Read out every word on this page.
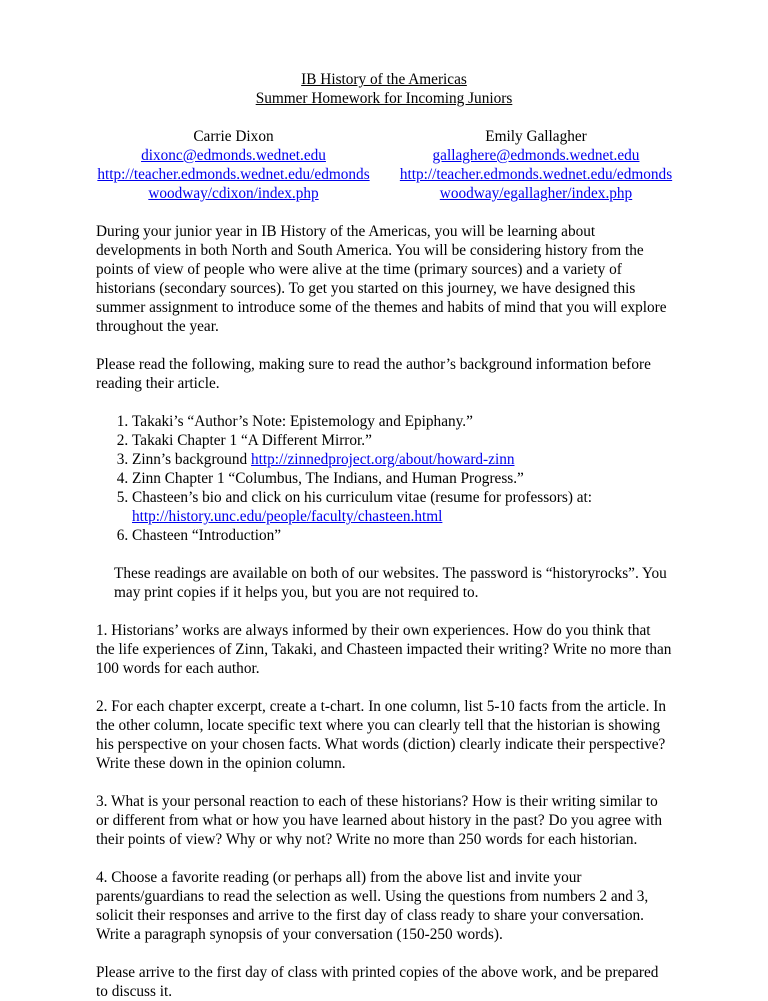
IB History of the Americas
Summer Homework for Incoming Juniors
Carrie Dixon
dixonc@edmonds.wednet.edu
http://teacher.edmonds.wednet.edu/edmonds
woodway/cdixon/index.php
Emily Gallagher
gallaghere@edmonds.wednet.edu
http://teacher.edmonds.wednet.edu/edmonds
woodway/egallagher/index.php

During your junior year in IB History of the Americas, you will be learning about developments in both North and South America. You will be considering history from the points of view of people who were alive at the time (primary sources) and a variety of historians (secondary sources). To get you started on this journey, we have designed this summer assignment to introduce some of the themes and habits of mind that you will explore throughout the year.

Please read the following, making sure to read the author’s background information before reading their article.

1. Takaki’s “Author’s Note: Epistemology and Epiphany.”
2. Takaki Chapter 1 “A Different Mirror.”
3. Zinn’s background http://zinnedproject.org/about/howard-zinn
4. Zinn Chapter 1 “Columbus, The Indians, and Human Progress.”
5. Chasteen’s bio and click on his curriculum vitae (resume for professors) at: http://history.unc.edu/people/faculty/chasteen.html
6. Chasteen “Introduction”

These readings are available on both of our websites. The password is “historyrocks”. You may print copies if it helps you, but you are not required to.

1. Historians’ works are always informed by their own experiences. How do you think that the life experiences of Zinn, Takaki, and Chasteen impacted their writing? Write no more than 100 words for each author.

2. For each chapter excerpt, create a t-chart. In one column, list 5-10 facts from the article. In the other column, locate specific text where you can clearly tell that the historian is showing his perspective on your chosen facts. What words (diction) clearly indicate their perspective? Write these down in the opinion column.

3. What is your personal reaction to each of these historians? How is their writing similar to or different from what or how you have learned about history in the past? Do you agree with their points of view? Why or why not? Write no more than 250 words for each historian.

4. Choose a favorite reading (or perhaps all) from the above list and invite your parents/guardians to read the selection as well. Using the questions from numbers 2 and 3, solicit their responses and arrive to the first day of class ready to share your conversation. Write a paragraph synopsis of your conversation (150-250 words).

Please arrive to the first day of class with printed copies of the above work, and be prepared to discuss it.
